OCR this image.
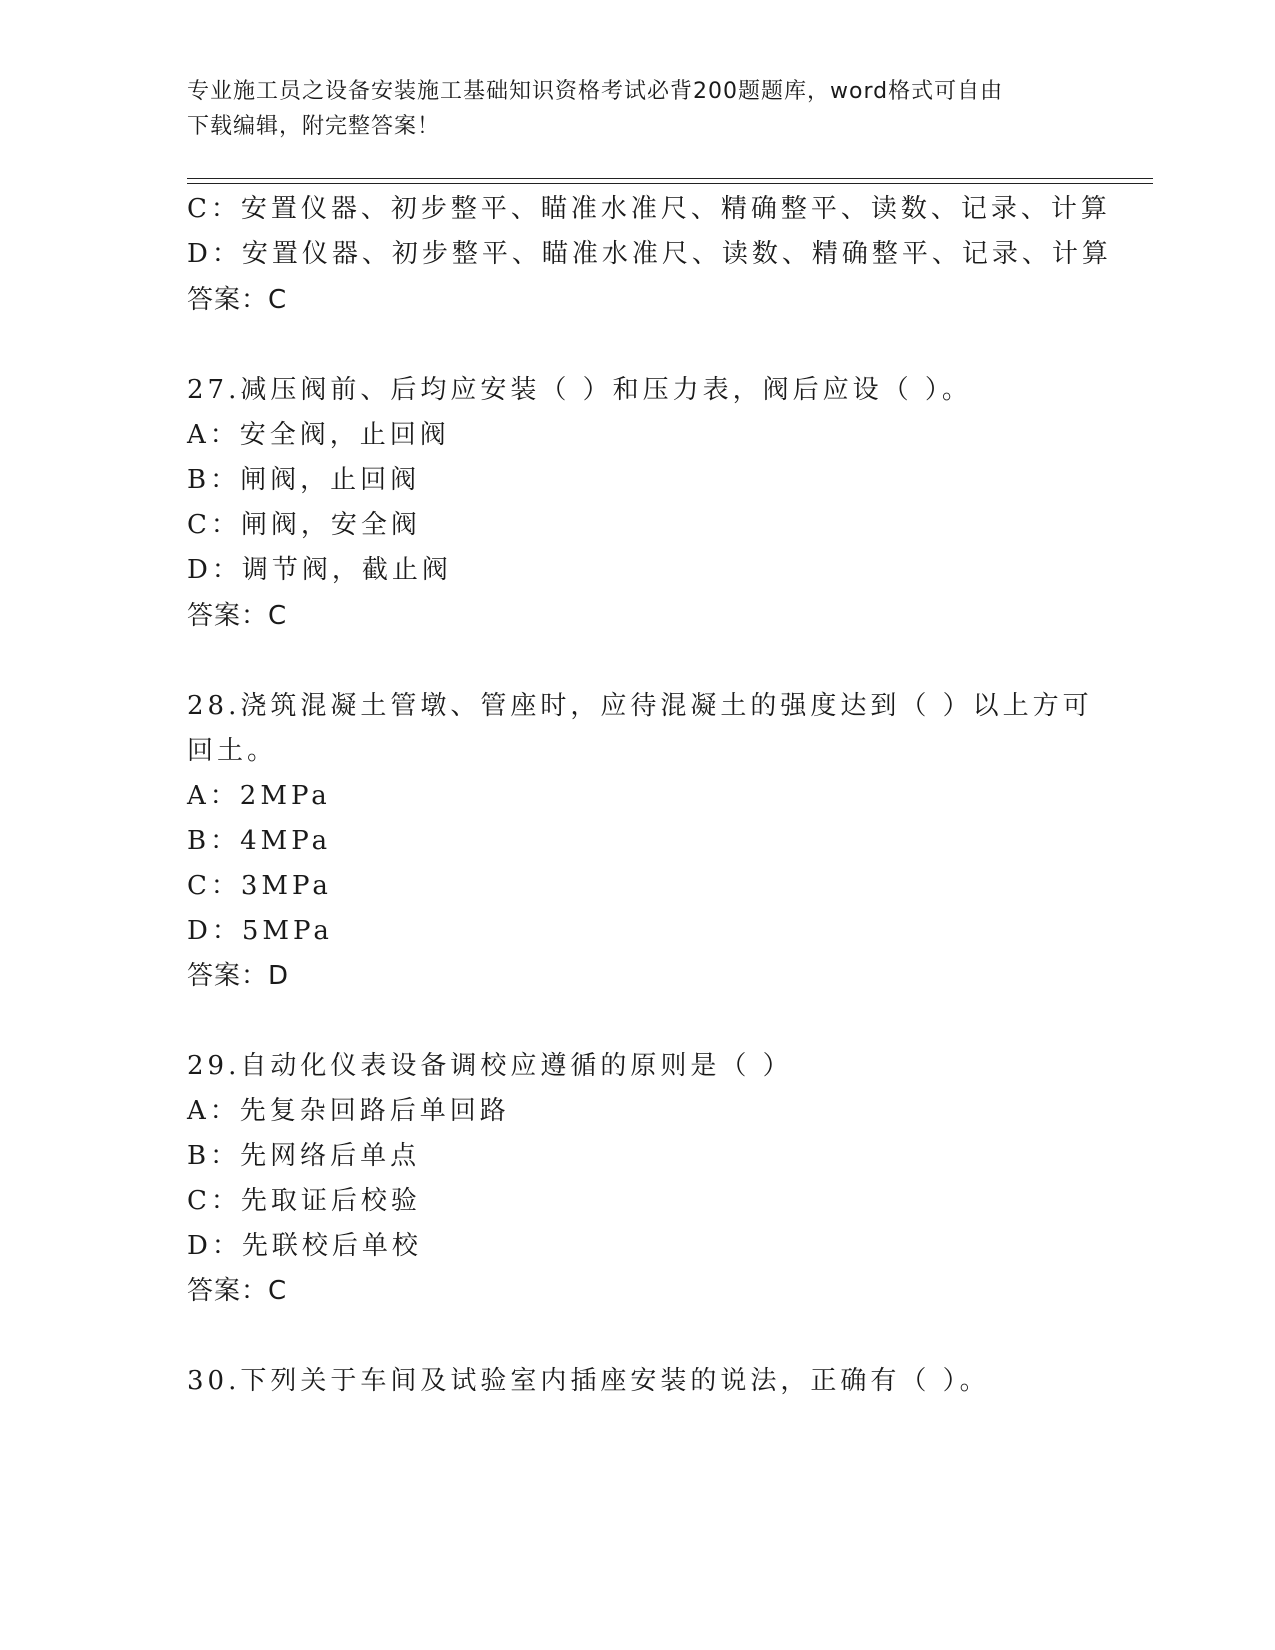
专业施工员之设备安装施工基础知识资格考试必背200题题库，word格式可自由
下载编辑，附完整答案！
C：安置仪器、初步整平、瞄准水准尺、精确整平、读数、记录、计算
D：安置仪器、初步整平、瞄准水准尺、读数、精确整平、记录、计算
答案：C
27.减压阀前、后均应安装（ ）和压力表，阀后应设（ ）。
A：安全阀，止回阀
B：闸阀，止回阀
C：闸阀，安全阀
D：调节阀，截止阀
答案：C
28.浇筑混凝土管墩、管座时，应待混凝土的强度达到（ ）以上方可
回土。
A：2MPa
B：4MPa
C：3MPa
D：5MPa
答案：D
29.自动化仪表设备调校应遵循的原则是（ ）
A：先复杂回路后单回路
B：先网络后单点
C：先取证后校验
D：先联校后单校
答案：C
30.下列关于车间及试验室内插座安装的说法，正确有（ ）。
